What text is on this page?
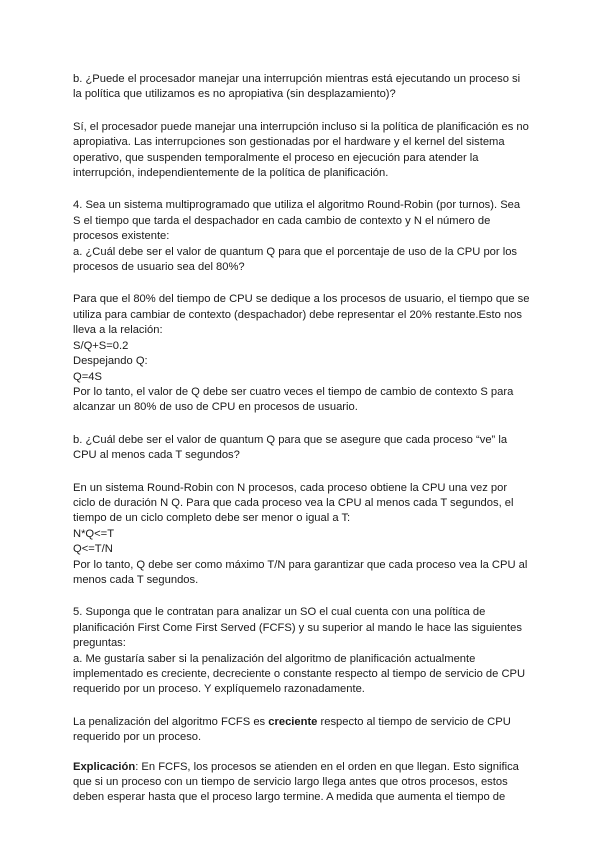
b. ¿Puede el procesador manejar una interrupción mientras está ejecutando un proceso si
la política que utilizamos es no apropiativa (sin desplazamiento)?

Sí, el procesador puede manejar una interrupción incluso si la política de planificación es no
apropiativa. Las interrupciones son gestionadas por el hardware y el kernel del sistema
operativo, que suspenden temporalmente el proceso en ejecución para atender la
interrupción, independientemente de la política de planificación.

4. Sea un sistema multiprogramado que utiliza el algoritmo Round-Robin (por turnos). Sea
S el tiempo que tarda el despachador en cada cambio de contexto y N el número de
procesos existente:
a. ¿Cuál debe ser el valor de quantum Q para que el porcentaje de uso de la CPU por los
procesos de usuario sea del 80%?

Para que el 80% del tiempo de CPU se dedique a los procesos de usuario, el tiempo que se
utiliza para cambiar de contexto (despachador) debe representar el 20% restante.Esto nos
lleva a la relación:
S/Q+S=0.2
Despejando Q:
Q=4S
Por lo tanto, el valor de Q debe ser cuatro veces el tiempo de cambio de contexto S para
alcanzar un 80% de uso de CPU en procesos de usuario.

b. ¿Cuál debe ser el valor de quantum Q para que se asegure que cada proceso “ve” la
CPU al menos cada T segundos?

En un sistema Round-Robin con N procesos, cada proceso obtiene la CPU una vez por
ciclo de duración N Q. Para que cada proceso vea la CPU al menos cada T segundos, el
tiempo de un ciclo completo debe ser menor o igual a T:
N*Q<=T
Q<=T/N
Por lo tanto, Q debe ser como máximo T/N para garantizar que cada proceso vea la CPU al
menos cada T segundos.

5. Suponga que le contratan para analizar un SO el cual cuenta con una política de
planificación First Come First Served (FCFS) y su superior al mando le hace las siguientes
preguntas:
a. Me gustaría saber si la penalización del algoritmo de planificación actualmente
implementado es creciente, decreciente o constante respecto al tiempo de servicio de CPU
requerido por un proceso. Y explíquemelo razonadamente.

La penalización del algoritmo FCFS es creciente respecto al tiempo de servicio de CPU
requerido por un proceso.

Explicación: En FCFS, los procesos se atienden en el orden en que llegan. Esto significa
que si un proceso con un tiempo de servicio largo llega antes que otros procesos, estos
deben esperar hasta que el proceso largo termine. A medida que aumenta el tiempo de
